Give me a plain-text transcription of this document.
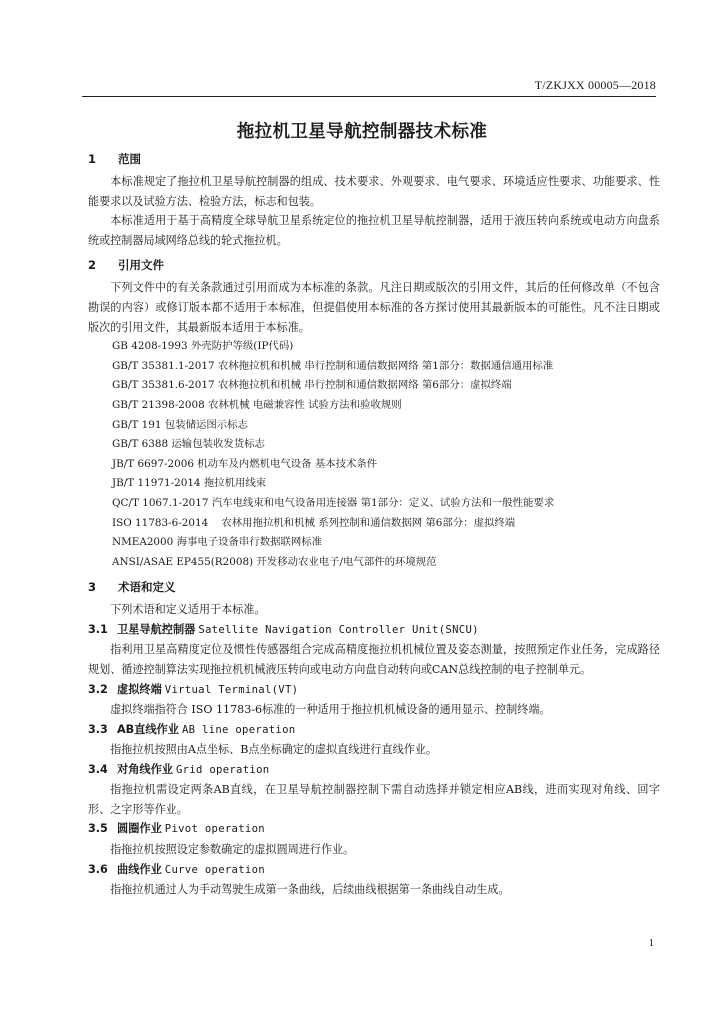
T/ZKJXX 00005—2018
拖拉机卫星导航控制器技术标准
1 范围

本标准规定了拖拉机卫星导航控制器的组成、技术要求、外观要求、电气要求、环境适应性要求、功能要求、性能要求以及试验方法、检验方法，标志和包装。

本标准适用于基于高精度全球导航卫星系统定位的拖拉机卫星导航控制器，适用于液压转向系统或电动方向盘系统或控制器局域网络总线的轮式拖拉机。

2 引用文件

下列文件中的有关条款通过引用而成为本标准的条款。凡注日期或版次的引用文件，其后的任何修改单（不包含勘误的内容）或修订版本都不适用于本标准，但提倡使用本标准的各方探讨使用其最新版本的可能性。凡不注日期或版次的引用文件，其最新版本适用于本标准。

GB 4208-1993 外壳防护等级(IP代码)
GB/T 35381.1-2017 农林拖拉机和机械 串行控制和通信数据网络 第1部分：数据通信通用标准
GB/T 35381.6-2017 农林拖拉机和机械 串行控制和通信数据网络 第6部分：虚拟终端
GB/T 21398-2008 农林机械 电磁兼容性 试验方法和验收规则
GB/T 191 包装储运图示标志
GB/T 6388 运输包装收发货标志
JB/T 6697-2006 机动车及内燃机电气设备 基本技术条件
JB/T 11971-2014 拖拉机用线束
QC/T 1067.1-2017 汽车电线束和电气设备用连接器 第1部分：定义、试验方法和一般性能要求
ISO 11783-6-2014    农林用拖拉机和机械 系列控制和通信数据网 第6部分：虚拟终端
NMEA2000 海事电子设备串行数据联网标准
ANSI/ASAE EP455(R2008) 开发移动农业电子/电气部件的环境规范
3 术语和定义

下列术语和定义适用于本标准。

3.1 卫星导航控制器 Satellite Navigation Controller Unit(SNCU)

指利用卫星高精度定位及惯性传感器组合完成高精度拖拉机机械位置及姿态测量，按照预定作业任务，完成路径规划、循迹控制算法实现拖拉机机械液压转向或电动方向盘自动转向或CAN总线控制的电子控制单元。

3.2 虚拟终端 Virtual Terminal(VT)

虚拟终端指符合 ISO 11783-6标准的一种适用于拖拉机机械设备的通用显示、控制终端。

3.3 AB直线作业 AB line operation

指拖拉机按照由A点坐标、B点坐标确定的虚拟直线进行直线作业。

3.4 对角线作业 Grid operation

指拖拉机需设定两条AB直线，在卫星导航控制器控制下需自动选择并锁定相应AB线，进而实现对角线、回字形、之字形等作业。

3.5 圆圈作业 Pivot operation

指拖拉机按照设定参数确定的虚拟圆周进行作业。

3.6 曲线作业 Curve operation

指拖拉机通过人为手动驾驶生成第一条曲线，后续曲线根据第一条曲线自动生成。

1
